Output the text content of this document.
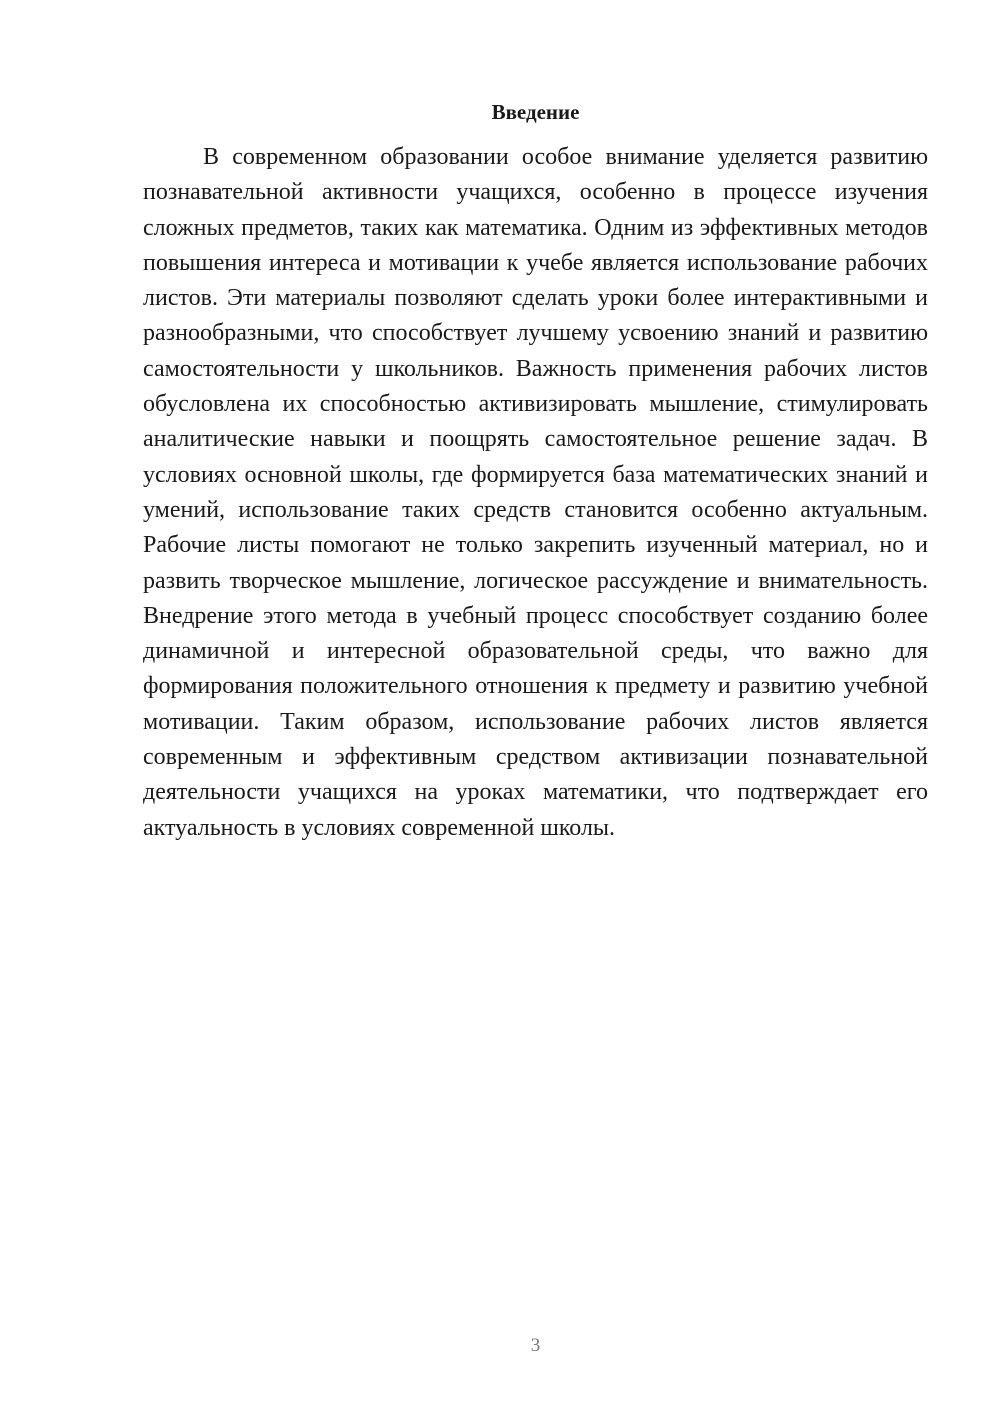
Введение

В современном образовании особое внимание уделяется развитию познавательной активности учащихся, особенно в процессе изучения сложных предметов, таких как математика. Одним из эффективных методов повышения интереса и мотивации к учебе является использование рабочих листов. Эти материалы позволяют сделать уроки более интерактивными и разнообразными, что способствует лучшему усвоению знаний и развитию самостоятельности у школьников. Важность применения рабочих листов обусловлена их способностью активизировать мышление, стимулировать аналитические навыки и поощрять самостоятельное решение задач. В условиях основной школы, где формируется база математических знаний и умений, использование таких средств становится особенно актуальным. Рабочие листы помогают не только закрепить изученный материал, но и развить творческое мышление, логическое рассуждение и внимательность. Внедрение этого метода в учебный процесс способствует созданию более динамичной и интересной образовательной среды, что важно для формирования положительного отношения к предмету и развитию учебной мотивации. Таким образом, использование рабочих листов является современным и эффективным средством активизации познавательной деятельности учащихся на уроках математики, что подтверждает его актуальность в условиях современной школы.

3
